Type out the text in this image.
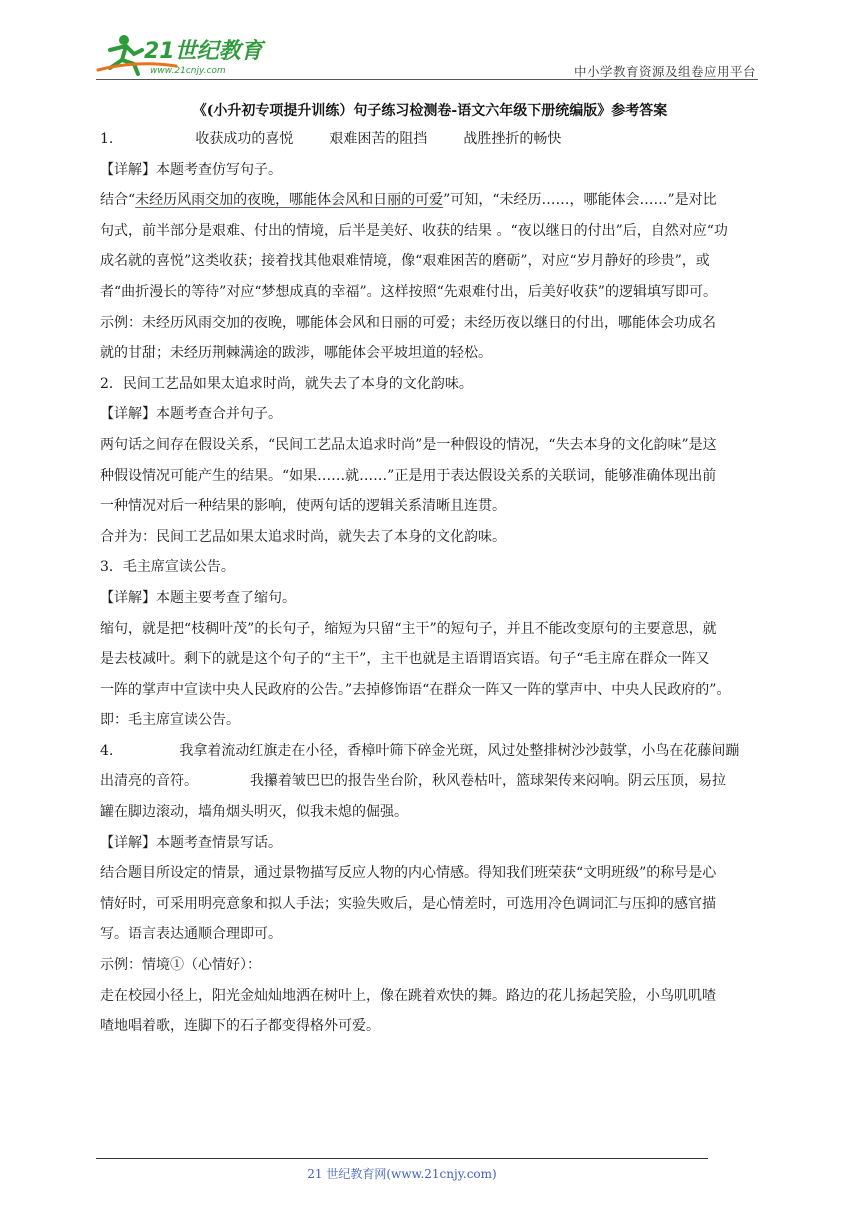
21世纪教育
www.21cnjy.com	中小学教育资源及组卷应用平台
《(小升初专项提升训练）句子练习检测卷-语文六年级下册统编版》参考答案

1.	收获成功的喜悦	艰难困苦的阻挡	战胜挫折的畅快

【详解】本题考查仿写句子。

结合“未经历风雨交加的夜晚，哪能体会风和日丽的可爱”可知，“未经历……，哪能体会……”是对比

句式，前半部分是艰难、付出的情境，后半是美好、收获的结果 。“夜以继日的付出”后，自然对应“功

成名就的喜悦”这类收获；接着找其他艰难情境，像“艰难困苦的磨砺”，对应“岁月静好的珍贵”，或

者“曲折漫长的等待”对应“梦想成真的幸福”。这样按照“先艰难付出，后美好收获”的逻辑填写即可。

示例：未经历风雨交加的夜晚，哪能体会风和日丽的可爱；未经历夜以继日的付出，哪能体会功成名

就的甘甜；未经历荆棘满途的跋涉，哪能体会平坡坦道的轻松。

2．民间工艺品如果太追求时尚，就失去了本身的文化韵味。

【详解】本题考查合并句子。

两句话之间存在假设关系，“民间工艺品太追求时尚”是一种假设的情况，“失去本身的文化韵味”是这

种假设情况可能产生的结果。“如果……就……”正是用于表达假设关系的关联词，能够准确体现出前

一种情况对后一种结果的影响，使两句话的逻辑关系清晰且连贯。

合并为：民间工艺品如果太追求时尚，就失去了本身的文化韵味。

3．毛主席宣读公告。

【详解】本题主要考查了缩句。

缩句，就是把“枝稠叶茂”的长句子，缩短为只留“主干”的短句子，并且不能改变原句的主要意思，就

是去枝减叶。剩下的就是这个句子的“主干”，主干也就是主语谓语宾语。句子“毛主席在群众一阵又

一阵的掌声中宣读中央人民政府的公告。”去掉修饰语“在群众一阵又一阵的掌声中、中央人民政府的”。

即：毛主席宣读公告。

4.	我拿着流动红旗走在小径，香樟叶筛下碎金光斑，风过处整排树沙沙鼓掌，小鸟在花藤间蹦

出清亮的音符。	我攥着皱巴巴的报告坐台阶，秋风卷枯叶，篮球架传来闷响。阴云压顶，易拉

罐在脚边滚动，墙角烟头明灭，似我未熄的倔强。

【详解】本题考查情景写话。

结合题目所设定的情景，通过景物描写反应人物的内心情感。得知我们班荣获“文明班级”的称号是心

情好时，可采用明亮意象和拟人手法；实验失败后，是心情差时，可选用冷色调词汇与压抑的感官描

写。语言表达通顺合理即可。

示例：情境①（心情好）：

走在校园小径上，阳光金灿灿地洒在树叶上，像在跳着欢快的舞。路边的花儿扬起笑脸，小鸟叽叽喳

喳地唱着歌，连脚下的石子都变得格外可爱。

21 世纪教育网(www.21cnjy.com)
